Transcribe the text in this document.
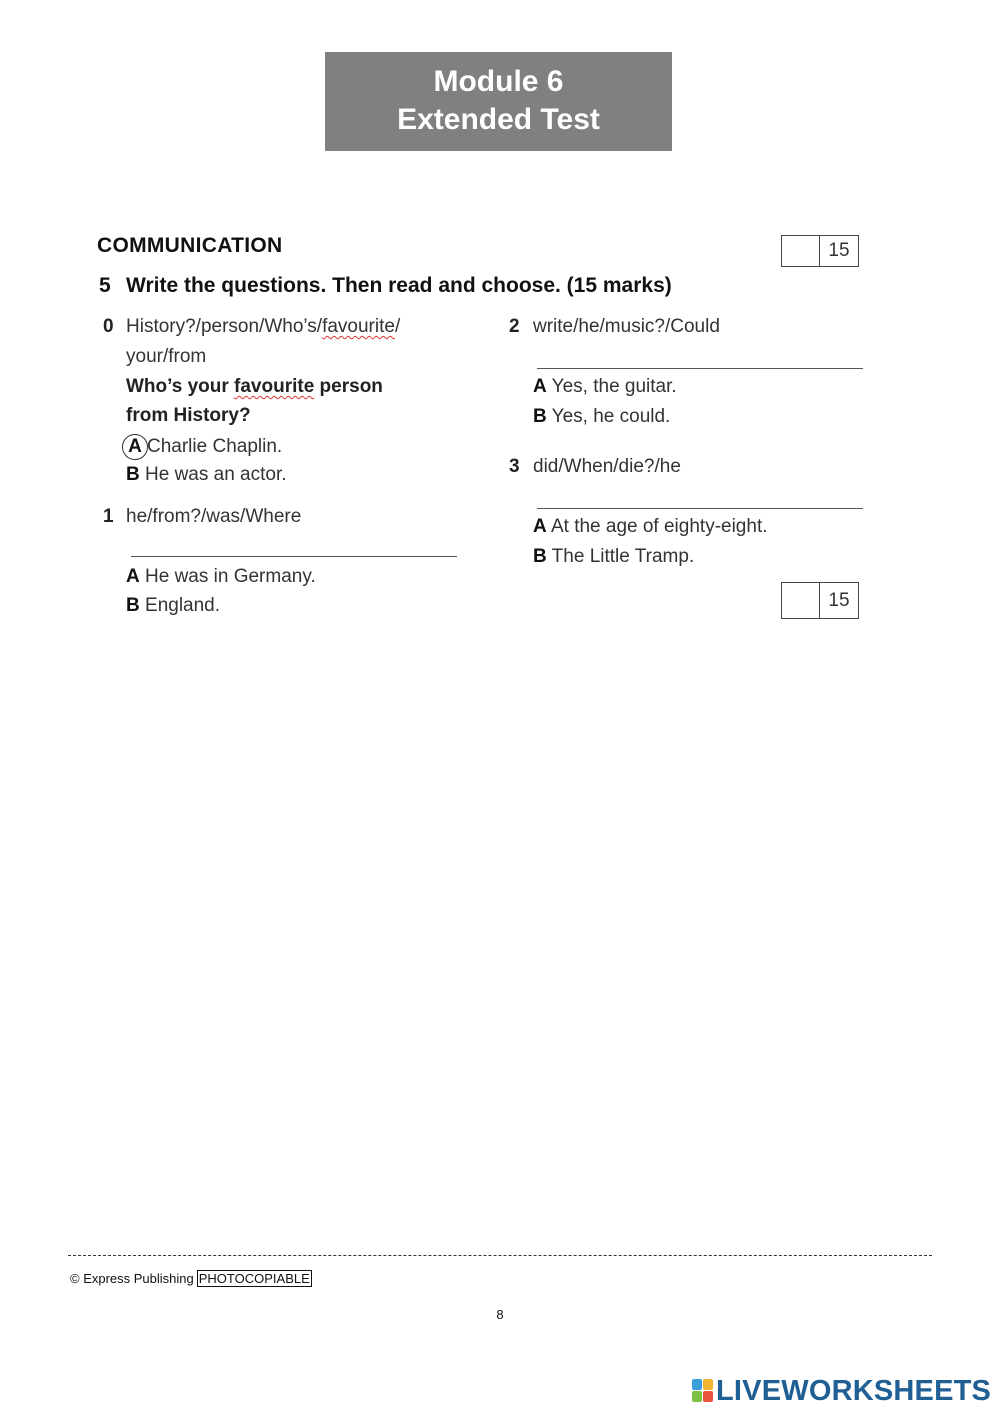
Module 6
Extended Test
COMMUNICATION	15
5 Write the questions. Then read and choose. (15 marks)
0 History?/person/Who’s/favourite/
your/from
Who’s your favourite person
from History?
A Charlie Chaplin.
B He was an actor.
1 he/from?/was/Where
A He was in Germany.
B England.
2 write/he/music?/Could
A Yes, the guitar.
B Yes, he could.
3 did/When/die?/he
A At the age of eighty-eight.
B The Little Tramp.
15
© Express Publishing PHOTOCOPIABLE
8
LIVEWORKSHEETS
